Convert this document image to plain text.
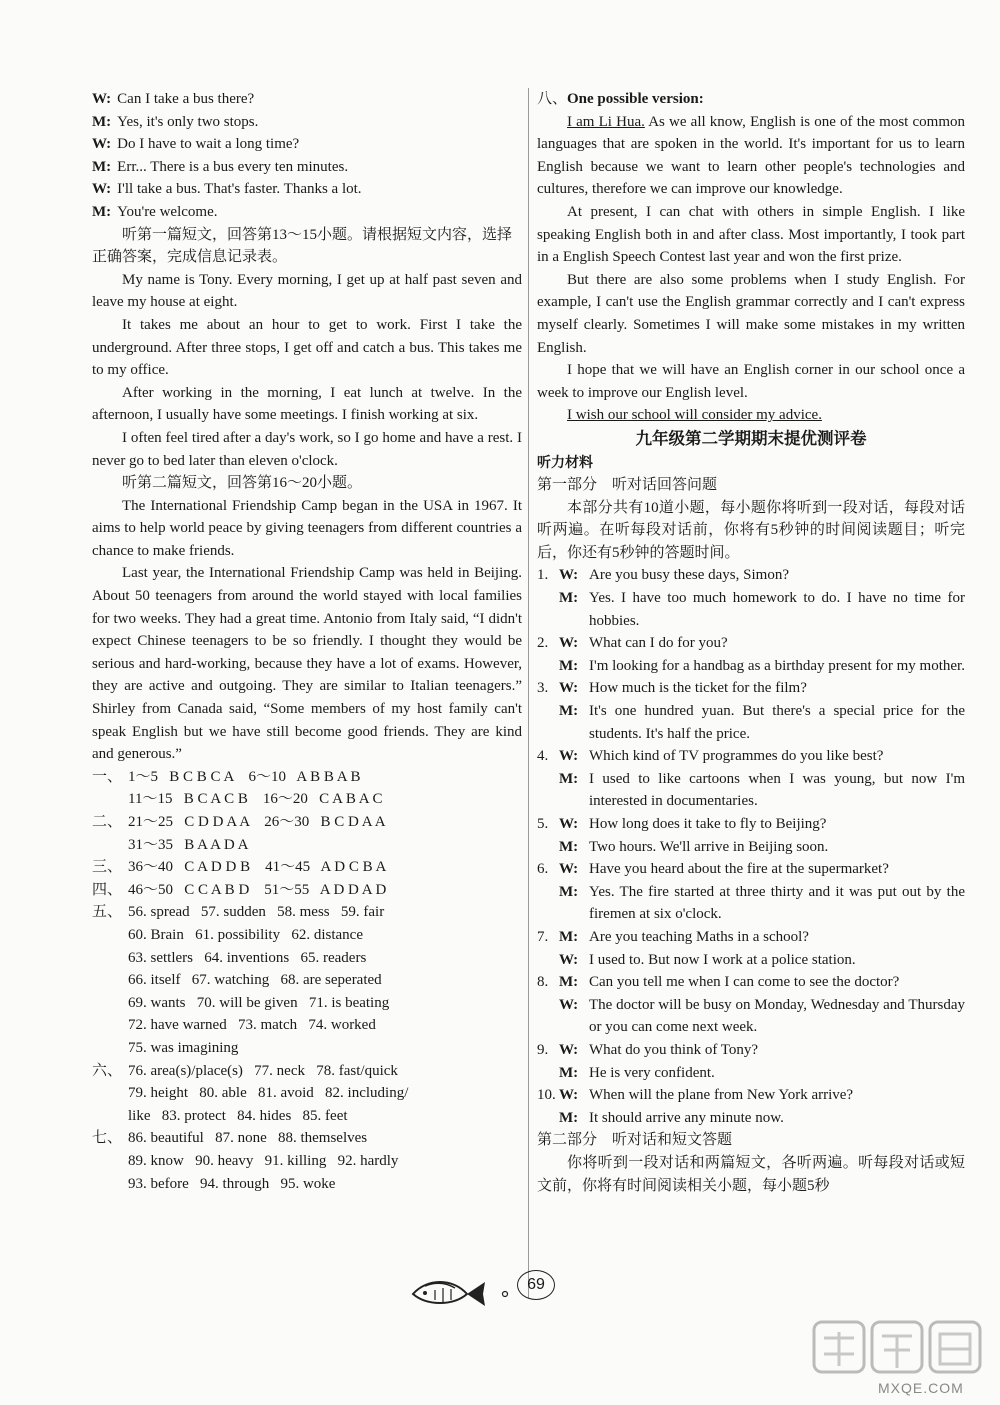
W: Can I take a bus there?

M: Yes, it's only two stops.

W: Do I have to wait a long time?

M: Err... There is a bus every ten minutes.

W: I'll take a bus. That's faster. Thanks a lot.

M: You're welcome.

听第一篇短文，回答第13～15小题。请根据短文内容，选择正确答案，完成信息记录表。

My name is Tony. Every morning, I get up at half past seven and leave my house at eight.

It takes me about an hour to get to work. First I take the underground. After three stops, I get off and catch a bus. This takes me to my office.

After working in the morning, I eat lunch at twelve. In the afternoon, I usually have some meetings. I finish working at six.

I often feel tired after a day's work, so I go home and have a rest. I never go to bed later than eleven o'clock.

听第二篇短文，回答第16～20小题。

The International Friendship Camp began in the USA in 1967. It aims to help world peace by giving teenagers from different countries a chance to make friends.

Last year, the International Friendship Camp was held in Beijing. About 50 teenagers from around the world stayed with local families for two weeks. They had a great time. Antonio from Italy said, “I didn't expect Chinese teenagers to be so friendly. I thought they would be serious and hard-working, because they have a lot of exams. However, they are active and outgoing. They are similar to Italian teenagers.” Shirley from Canada said, “Some members of my host family can't speak English but we have still become good friends. They are kind and generous.”

一、 1～5   B C B C A    6～10   A B B A B

11～15   B C A C B    16～20   C A B A C

二、 21～25   C D D A A    26～30   B C D A A

31～35   B A A D A

三、 36～40   C A D D B    41～45   A D C B A

四、 46～50   C C A B D    51～55   A D D A D

五、 56. spread   57. sudden   58. mess   59. fair

60. Brain   61. possibility   62. distance

63. settlers   64. inventions   65. readers

66. itself   67. watching   68. are seperated

69. wants   70. will be given   71. is beating

72. have warned   73. match   74. worked

75. was imagining

六、 76. area(s)/place(s)   77. neck   78. fast/quick

79. height   80. able   81. avoid   82. including/

like   83. protect   84. hides   85. feet

七、 86. beautiful   87. none   88. themselves

89. know   90. heavy   91. killing   92. hardly

93. before   94. through   95. woke

八、One possible version:

I am Li Hua. As we all know, English is one of the most common languages that are spoken in the world. It's important for us to learn English because we want to learn other people's technologies and cultures, therefore we can improve our knowledge.

At present, I can chat with others in simple English. I like speaking English both in and after class. Most importantly, I took part in a English Speech Contest last year and won the first prize.

But there are also some problems when I study English. For example, I can't use the English grammar correctly and I can't express myself clearly. Sometimes I will make some mistakes in my written English.

I hope that we will have an English corner in our school once a week to improve our English level.

I wish our school will consider my advice.

九年级第二学期期末提优测评卷

听力材料

第一部分　听对话回答问题

本部分共有10道小题，每小题你将听到一段对话，每段对话听两遍。在听每段对话前，你将有5秒钟的时间阅读题目；听完后，你还有5秒钟的答题时间。

1. W: Are you busy these days, Simon?
M: Yes. I have too much homework to do. I have no time for hobbies.
2. W: What can I do for you?
M: I'm looking for a handbag as a birthday present for my mother.
3. W: How much is the ticket for the film?
M: It's one hundred yuan. But there's a special price for the students. It's half the price.
4. W: Which kind of TV programmes do you like best?
M: I used to like cartoons when I was young, but now I'm interested in documentaries.
5. W: How long does it take to fly to Beijing?
M: Two hours. We'll arrive in Beijing soon.
6. W: Have you heard about the fire at the supermarket?
M: Yes. The fire started at three thirty and it was put out by the firemen at six o'clock.
7. M: Are you teaching Maths in a school?
W: I used to. But now I work at a police station.
8. M: Can you tell me when I can come to see the doctor?
W: The doctor will be busy on Monday, Wednesday and Thursday or you can come next week.
9. W: What do you think of Tony?
M: He is very confident.
10. W: When will the plane from New York arrive?
M: It should arrive any minute now.

第二部分　听对话和短文答题

你将听到一段对话和两篇短文，各听两遍。听每段对话或短文前，你将有时间阅读相关小题，每小题5秒

69
MXQE.COM
